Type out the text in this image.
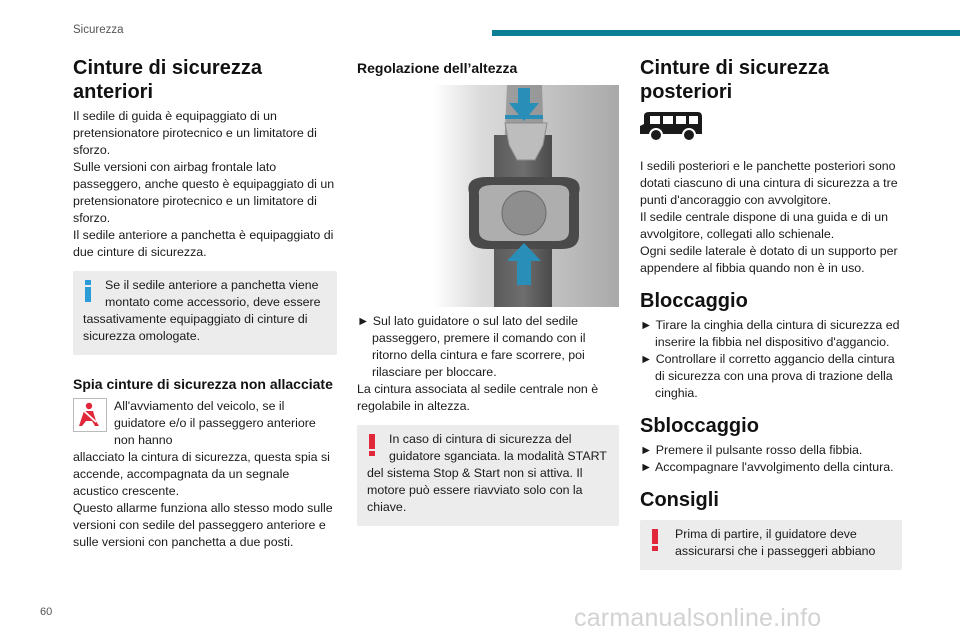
Sicurezza
Cinture di sicurezza anteriori

Il sedile di guida è equipaggiato di un pretensionatore pirotecnico e un limitatore di sforzo.

Sulle versioni con airbag frontale lato passeggero, anche questo è equipaggiato di un pretensionatore pirotecnico e un limitatore di sforzo.

Il sedile anteriore a panchetta è equipaggiato di due cinture di sicurezza.

Se il sedile anteriore a panchetta viene montato come accessorio, deve essere
tassativamente equipaggiato di cinture di sicurezza omologate.
Spia cinture di sicurezza non allacciate

All'avviamento del veicolo, se il guidatore e/o il passeggero anteriore non hanno

allacciato la cintura di sicurezza, questa spia si accende, accompagnata da un segnale acustico crescente.

Questo allarme funziona allo stesso modo sulle versioni con sedile del passeggero anteriore e sulle versioni con panchetta a due posti.

Regolazione dell’altezza

► Sul lato guidatore o sul lato del sedile passeggero, premere il comando con il ritorno della cintura e fare scorrere, poi rilasciare per bloccare.

La cintura associata al sedile centrale non è regolabile in altezza.

In caso di cintura di sicurezza del guidatore sganciata. la modalità START
del sistema Stop & Start non si attiva. Il motore può essere riavviato solo con la chiave.
Cinture di sicurezza posteriori

I sedili posteriori e le panchette posteriori sono dotati ciascuno di una cintura di sicurezza a tre punti d'ancoraggio con avvolgitore.

Il sedile centrale dispone di una guida e di un avvolgitore, collegati allo schienale.

Ogni sedile laterale è dotato di un supporto per appendere al fibbia quando non è in uso.

Bloccaggio

► Tirare la cinghia della cintura di sicurezza ed inserire la fibbia nel dispositivo d'aggancio.

► Controllare il corretto aggancio della cintura di sicurezza con una prova di trazione della cinghia.

Sbloccaggio

► Premere il pulsante rosso della fibbia.

► Accompagnare l'avvolgimento della cintura.

Consigli
Prima di partire, il guidatore deve assicurarsi che i passeggeri abbiano
60	carmanualsonline.info
